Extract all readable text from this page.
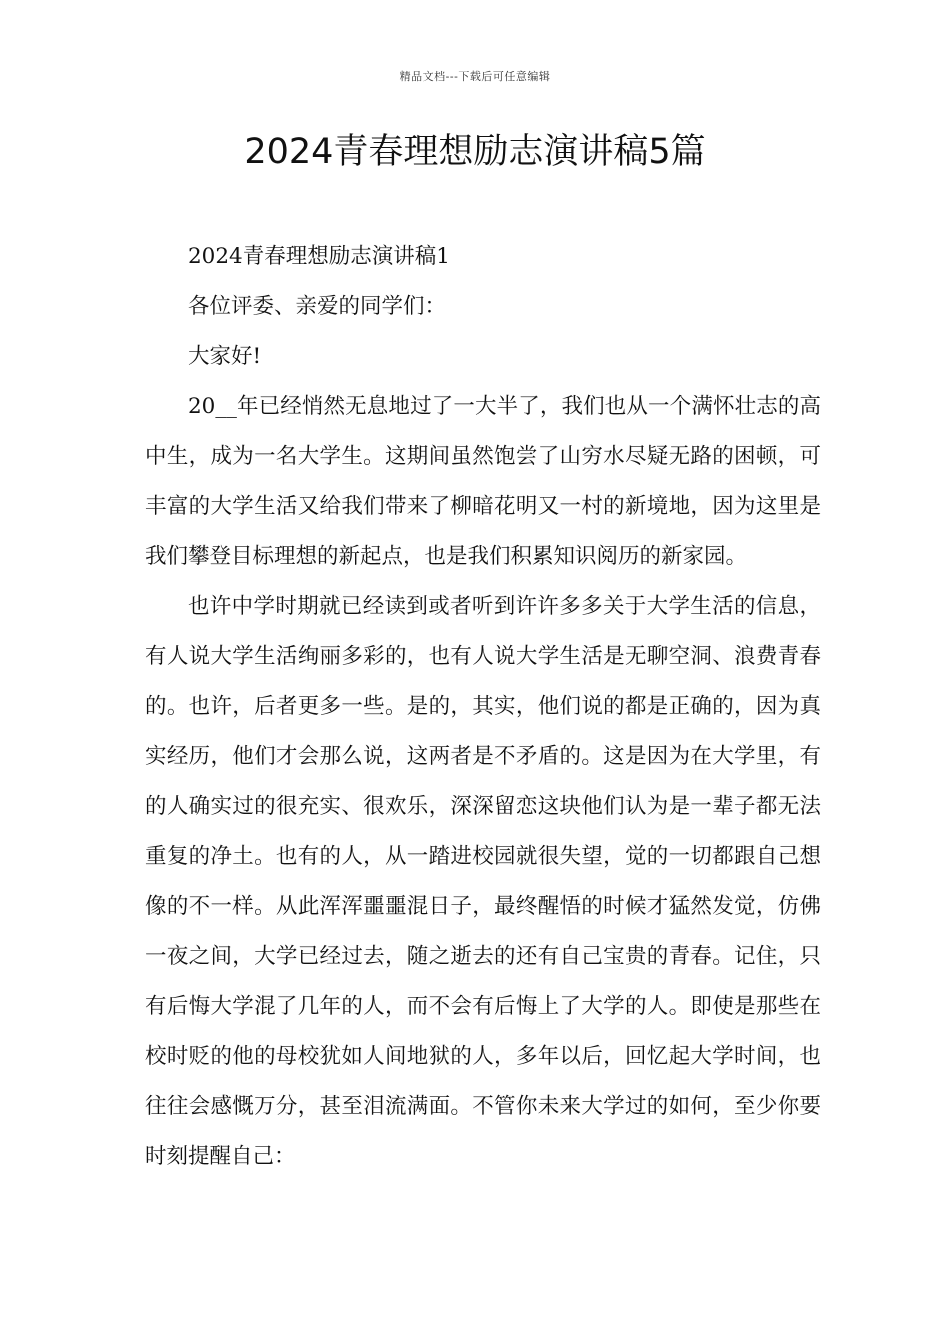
精品文档---下载后可任意编辑
2024青春理想励志演讲稿5篇

2024青春理想励志演讲稿1

各位评委、亲爱的同学们：

大家好!

20__年已经悄然无息地过了一大半了，我们也从一个满怀壮志的高中生，成为一名大学生。这期间虽然饱尝了山穷水尽疑无路的困顿，可丰富的大学生活又给我们带来了柳暗花明又一村的新境地，因为这里是我们攀登目标理想的新起点，也是我们积累知识阅历的新家园。

也许中学时期就已经读到或者听到许许多多关于大学生活的信息，有人说大学生活绚丽多彩的，也有人说大学生活是无聊空洞、浪费青春的。也许，后者更多一些。是的，其实，他们说的都是正确的，因为真实经历，他们才会那么说，这两者是不矛盾的。这是因为在大学里，有的人确实过的很充实、很欢乐，深深留恋这块他们认为是一辈子都无法重复的净土。也有的人，从一踏进校园就很失望，觉的一切都跟自己想像的不一样。从此浑浑噩噩混日子，最终醒悟的时候才猛然发觉，仿佛一夜之间，大学已经过去，随之逝去的还有自己宝贵的青春。记住，只有后悔大学混了几年的人，而不会有后悔上了大学的人。即使是那些在校时贬的他的母校犹如人间地狱的人，多年以后，回忆起大学时间，也往往会感慨万分，甚至泪流满面。不管你未来大学过的如何，至少你要时刻提醒自己：
